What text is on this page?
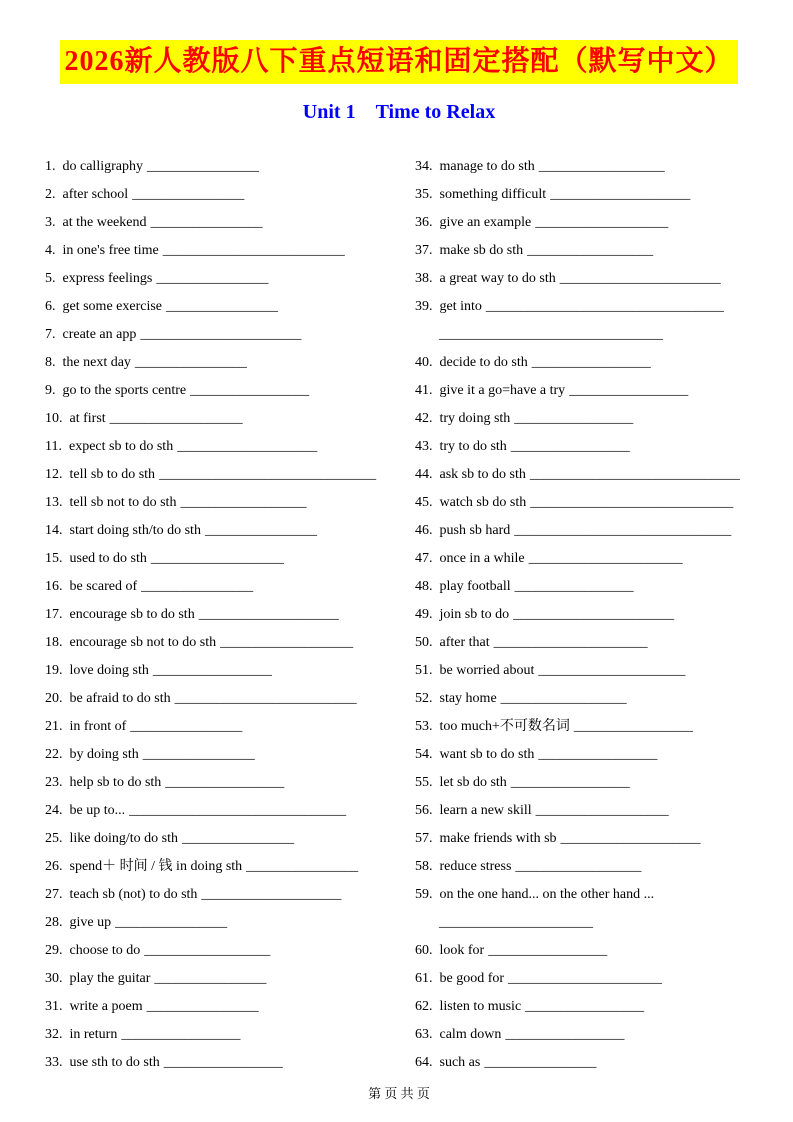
2026新人教版八下重点短语和固定搭配（默写中文）
Unit 1　Time to Relax
1. do calligraphy ________________
2. after school ________________
3. at the weekend ________________
4. in one's free time __________________________
5. express feelings ________________
6. get some exercise ________________
7. create an app _______________________
8. the next day ________________
9. go to the sports centre _________________
10. at first ___________________
11. expect sb to do sth ____________________
12. tell sb to do sth _______________________________
13. tell sb not to do sth __________________
14. start doing sth/to do sth ________________
15. used to do sth ___________________
16. be scared of ________________
17. encourage sb to do sth ____________________
18. encourage sb not to do sth ___________________
19. love doing sth _________________
20. be afraid to do sth __________________________
21. in front of ________________
22. by doing sth ________________
23. help sb to do sth _________________
24. be up to... _______________________________
25. like doing/to do sth ________________
26. spend＋ 时间 / 钱 in doing sth ________________
27. teach sb (not) to do sth ____________________
28. give up ________________
29. choose to do __________________
30. play the guitar ________________
31. write a poem ________________
32. in return _________________
33. use sth to do sth _________________
34. manage to do sth __________________
35. something difficult ____________________
36. give an example ___________________
37. make sb do sth __________________
38. a great way to do sth _______________________
39. get into __________________________________
________________________________
40. decide to do sth _________________
41. give it a go=have a try _________________
42. try doing sth _________________
43. try to do sth _________________
44. ask sb to do sth ______________________________
45. watch sb do sth _____________________________
46. push sb hard _______________________________
47. once in a while ______________________
48. play football _________________
49. join sb to do _______________________
50. after that ______________________
51. be worried about _____________________
52. stay home __________________
53. too much+不可数名词 _________________
54. want sb to do sth _________________
55. let sb do sth _________________
56. learn a new skill ___________________
57. make friends with sb ____________________
58. reduce stress __________________
59. on the one hand... on the other hand ...
______________________
60. look for _________________
61. be good for ______________________
62. listen to music _________________
63. calm down _________________
64. such as ________________
第 页 共 页
